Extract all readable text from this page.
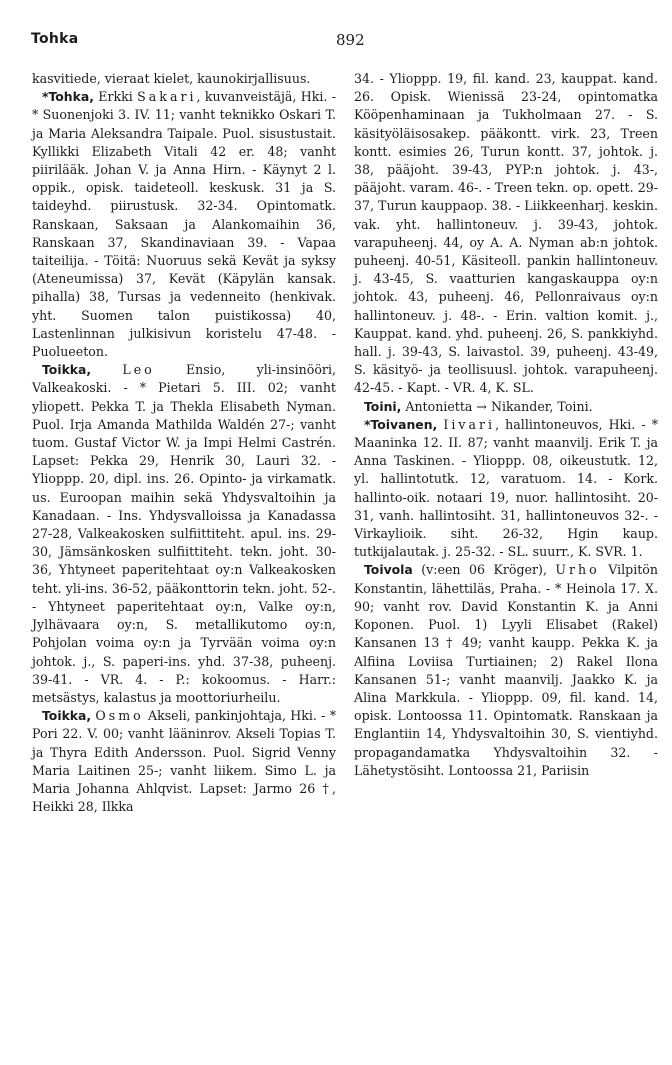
Tohka	892

kasvitiede, vieraat kielet, kaunokirjallisuus.

*Tohka, Erkki Sakari, kuvanveistäjä, Hki. - * Suonenjoki 3. IV. 11; vanht teknikko Oskari T. ja Maria Aleksandra Taipale. Puol. sisustustait. Kyllikki Elizabeth Vitali 42 er. 48; vanht piirilääk. Johan V. ja Anna Hirn. - Käynyt 2 l. oppik., opisk. taideteoll. keskusk. 31 ja S. taideyhd. piirustusk. 32-34. Opintomatk. Ranskaan, Saksaan ja Alankomaihin 36, Ranskaan 37, Skandinaviaan 39. - Vapaa taiteilija. - Töitä: Nuoruus sekä Kevät ja syksy (Ateneumissa) 37, Kevät (Käpylän kansak. pihalla) 38, Tursas ja vedenneito (henkivak. yht. Suomen talon puistikossa) 40, Lastenlinnan julkisivun koristelu 47-48. - Puolueeton.

Toikka, Leo Ensio, yli-insinööri, Valkeakoski. - * Pietari 5. III. 02; vanht yliopett. Pekka T. ja Thekla Elisabeth Nyman. Puol. Irja Amanda Mathilda Waldén 27-; vanht tuom. Gustaf Victor W. ja Impi Helmi Castrén. Lapset: Pekka 29, Henrik 30, Lauri 32. - Ylioppp. 20, dipl. ins. 26. Opinto- ja virkamatk. us. Euroopan maihin sekä Yhdysvaltoihin ja Kanadaan. - Ins. Yhdysvalloissa ja Kanadassa 27-28, Valkeakosken sulfiittiteht. apul. ins. 29-30, Jämsänkosken sulfiittiteht. tekn. joht. 30-36, Yhtyneet paperitehtaat oy:n Valkeakosken teht. yli-ins. 36-52, pääkonttorin tekn. joht. 52-. - Yhtyneet paperitehtaat oy:n, Valke oy:n, Jylhävaara oy:n, S. metallikutomo oy:n, Pohjolan voima oy:n ja Tyrvään voima oy:n johtok. j., S. paperi-ins. yhd. 37-38, puheenj. 39-41. - VR. 4. - P.: kokoomus. - Harr.: metsästys, kalastus ja moottoriurheilu.

Toikka, Osmo Akseli, pankinjohtaja, Hki. - * Pori 22. V. 00; vanht lääninrov. Akseli Topias T. ja Thyra Edith Andersson. Puol. Sigrid Venny Maria Laitinen 25-; vanht liikem. Simo L. ja Maria Johanna Ahlqvist. Lapset: Jarmo 26 †, Heikki 28, Ilkka

34. - Ylioppp. 19, fil. kand. 23, kauppat. kand. 26. Opisk. Wienissä 23-24, opintomatka Kööpenhaminaan ja Tukholmaan 27. - S. käsityöläisosakep. pääkontt. virk. 23, Treen kontt. esimies 26, Turun kontt. 37, johtok. j. 38, pääjoht. 39-43, PYP:n johtok. j. 43-, pääjoht. varam. 46-. - Treen tekn. op. opett. 29-37, Turun kauppaop. 38. - Liikkeenharj. keskin. vak. yht. hallintoneuv. j. 39-43, johtok. varapuheenj. 44, oy A. A. Nyman ab:n johtok. puheenj. 40-51, Käsiteoll. pankin hallintoneuv. j. 43-45, S. vaatturien kangaskauppa oy:n johtok. 43, puheenj. 46, Pellonraivaus oy:n hallintoneuv. j. 48-. - Erin. valtion komit. j., Kauppat. kand. yhd. puheenj. 26, S. pankkiyhd. hall. j. 39-43, S. laivastol. 39, puheenj. 43-49, S. käsityö- ja teollisuusl. johtok. varapuheenj. 42-45. - Kapt. - VR. 4, K. SL.

Toini, Antonietta → Nikander, Toini.

*Toivanen, Iivari, hallintoneuvos, Hki. - * Maaninka 12. II. 87; vanht maanvilj. Erik T. ja Anna Taskinen. - Ylioppp. 08, oikeustutk. 12, yl. hallintotutk. 12, varatuom. 14. - Kork. hallinto-oik. notaari 19, nuor. hallintosiht. 20-31, vanh. hallintosiht. 31, hallintoneuvos 32-. - Virkaylioik. siht. 26-32, Hgin kaup. tutkijalautak. j. 25-32. - SL. suurr., K. SVR. 1.

Toivola (v:een 06 Kröger), Urho Vilpitön Konstantin, lähettiläs, Praha. - * Heinola 17. X. 90; vanht rov. David Konstantin K. ja Anni Koponen. Puol. 1) Lyyli Elisabet (Rakel) Kansanen 13 † 49; vanht kaupp. Pekka K. ja Alfiina Loviisa Turtiainen; 2) Rakel Ilona Kansanen 51-; vanht maanvilj. Jaakko K. ja Alina Markkula. - Ylioppp. 09, fil. kand. 14, opisk. Lontoossa 11. Opintomatk. Ranskaan ja Englantiin 14, Yhdysvaltoihin 30, S. vientiyhd. propagandamatka Yhdysvaltoihin 32. - Lähetystösiht. Lontoossa 21, Pariisin
